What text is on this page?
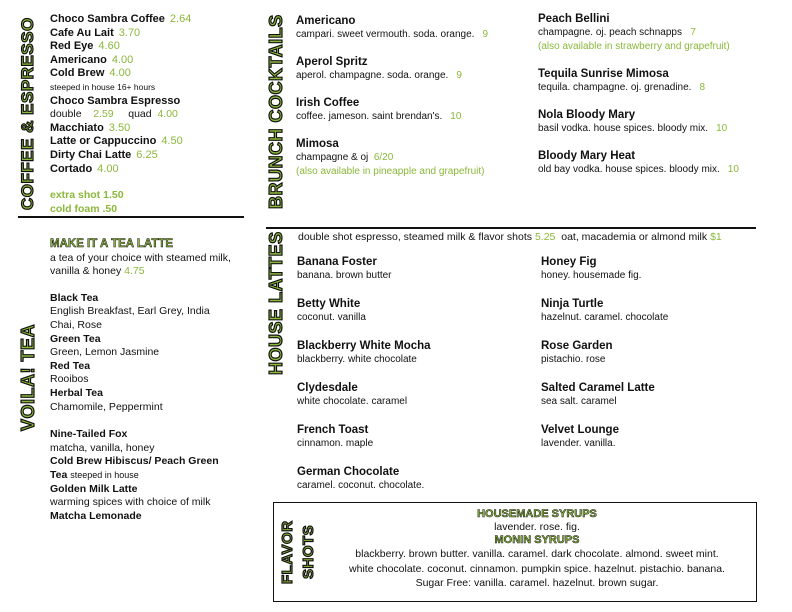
COFFEE & ESPRESSO Choco Sambra Coffee 2.64
Cafe Au Lait 3.70
Red Eye 4.60
Americano 4.00
Cold Brew 4.00
steeped in house 16+ hours
Choco Sambra Espresso
double 2.59 quad 4.00
Macchiato 3.50
Latte or Cappuccino 4.50
Dirty Chai Latte 6.25
Cortado 4.00
extra shot 1.50
cold foam .50
VOILA! TEA
MAKE IT A TEA LATTE
a tea of your choice with steamed milk,
vanilla & honey 4.75
Black Tea
English Breakfast, Earl Grey, India
Chai, Rose
Green Tea
Green, Lemon Jasmine
Red Tea
Rooibos
Herbal Tea
Chamomile, Peppermint
Nine-Tailed Fox
matcha, vanilla, honey
Cold Brew Hibiscus/ Peach Green
Tea steeped in house
Golden Milk Latte
warming spices with choice of milk
Matcha Lemonade
BRUNCH COCKTAILS Americano
campari. sweet vermouth. soda. orange. 9
Aperol Spritz
aperol. champagne. soda. orange. 9
Irish Coffee
coffee. jameson. saint brendan's. 10
Mimosa
champagne & oj 6/20
(also available in pineapple and grapefruit)
Peach Bellini
champagne. oj. peach schnapps 7
(also available in strawberry and grapefruit)
Tequila Sunrise Mimosa
tequila. champagne. oj. grenadine. 8
Nola Bloody Mary
basil vodka. house spices. bloody mix. 10
Bloody Mary Heat
old bay vodka. house spices. bloody mix. 10
HOUSE LATTES double shot espresso, steamed milk & flavor shots 5.25 oat, macademia or almond milk $1
Banana Foster
banana. brown butter
Betty White
coconut. vanilla
Blackberry White Mocha
blackberry. white chocolate
Clydesdale
white chocolate. caramel
French Toast
cinnamon. maple
German Chocolate
caramel. coconut. chocolate.
Honey Fig
honey. housemade fig.
Ninja Turtle
hazelnut. caramel. chocolate
Rose Garden
pistachio. rose
Salted Caramel Latte
sea salt. caramel
Velvet Lounge
lavender. vanilla.
FLAVOR SHOTS
HOUSEMADE SYRUPS
lavender. rose. fig.
MONIN SYRUPS
blackberry. brown butter. vanilla. caramel. dark chocolate. almond. sweet mint.
white chocolate. coconut. cinnamon. pumpkin spice. hazelnut. pistachio. banana.
Sugar Free: vanilla. caramel. hazelnut. brown sugar.
